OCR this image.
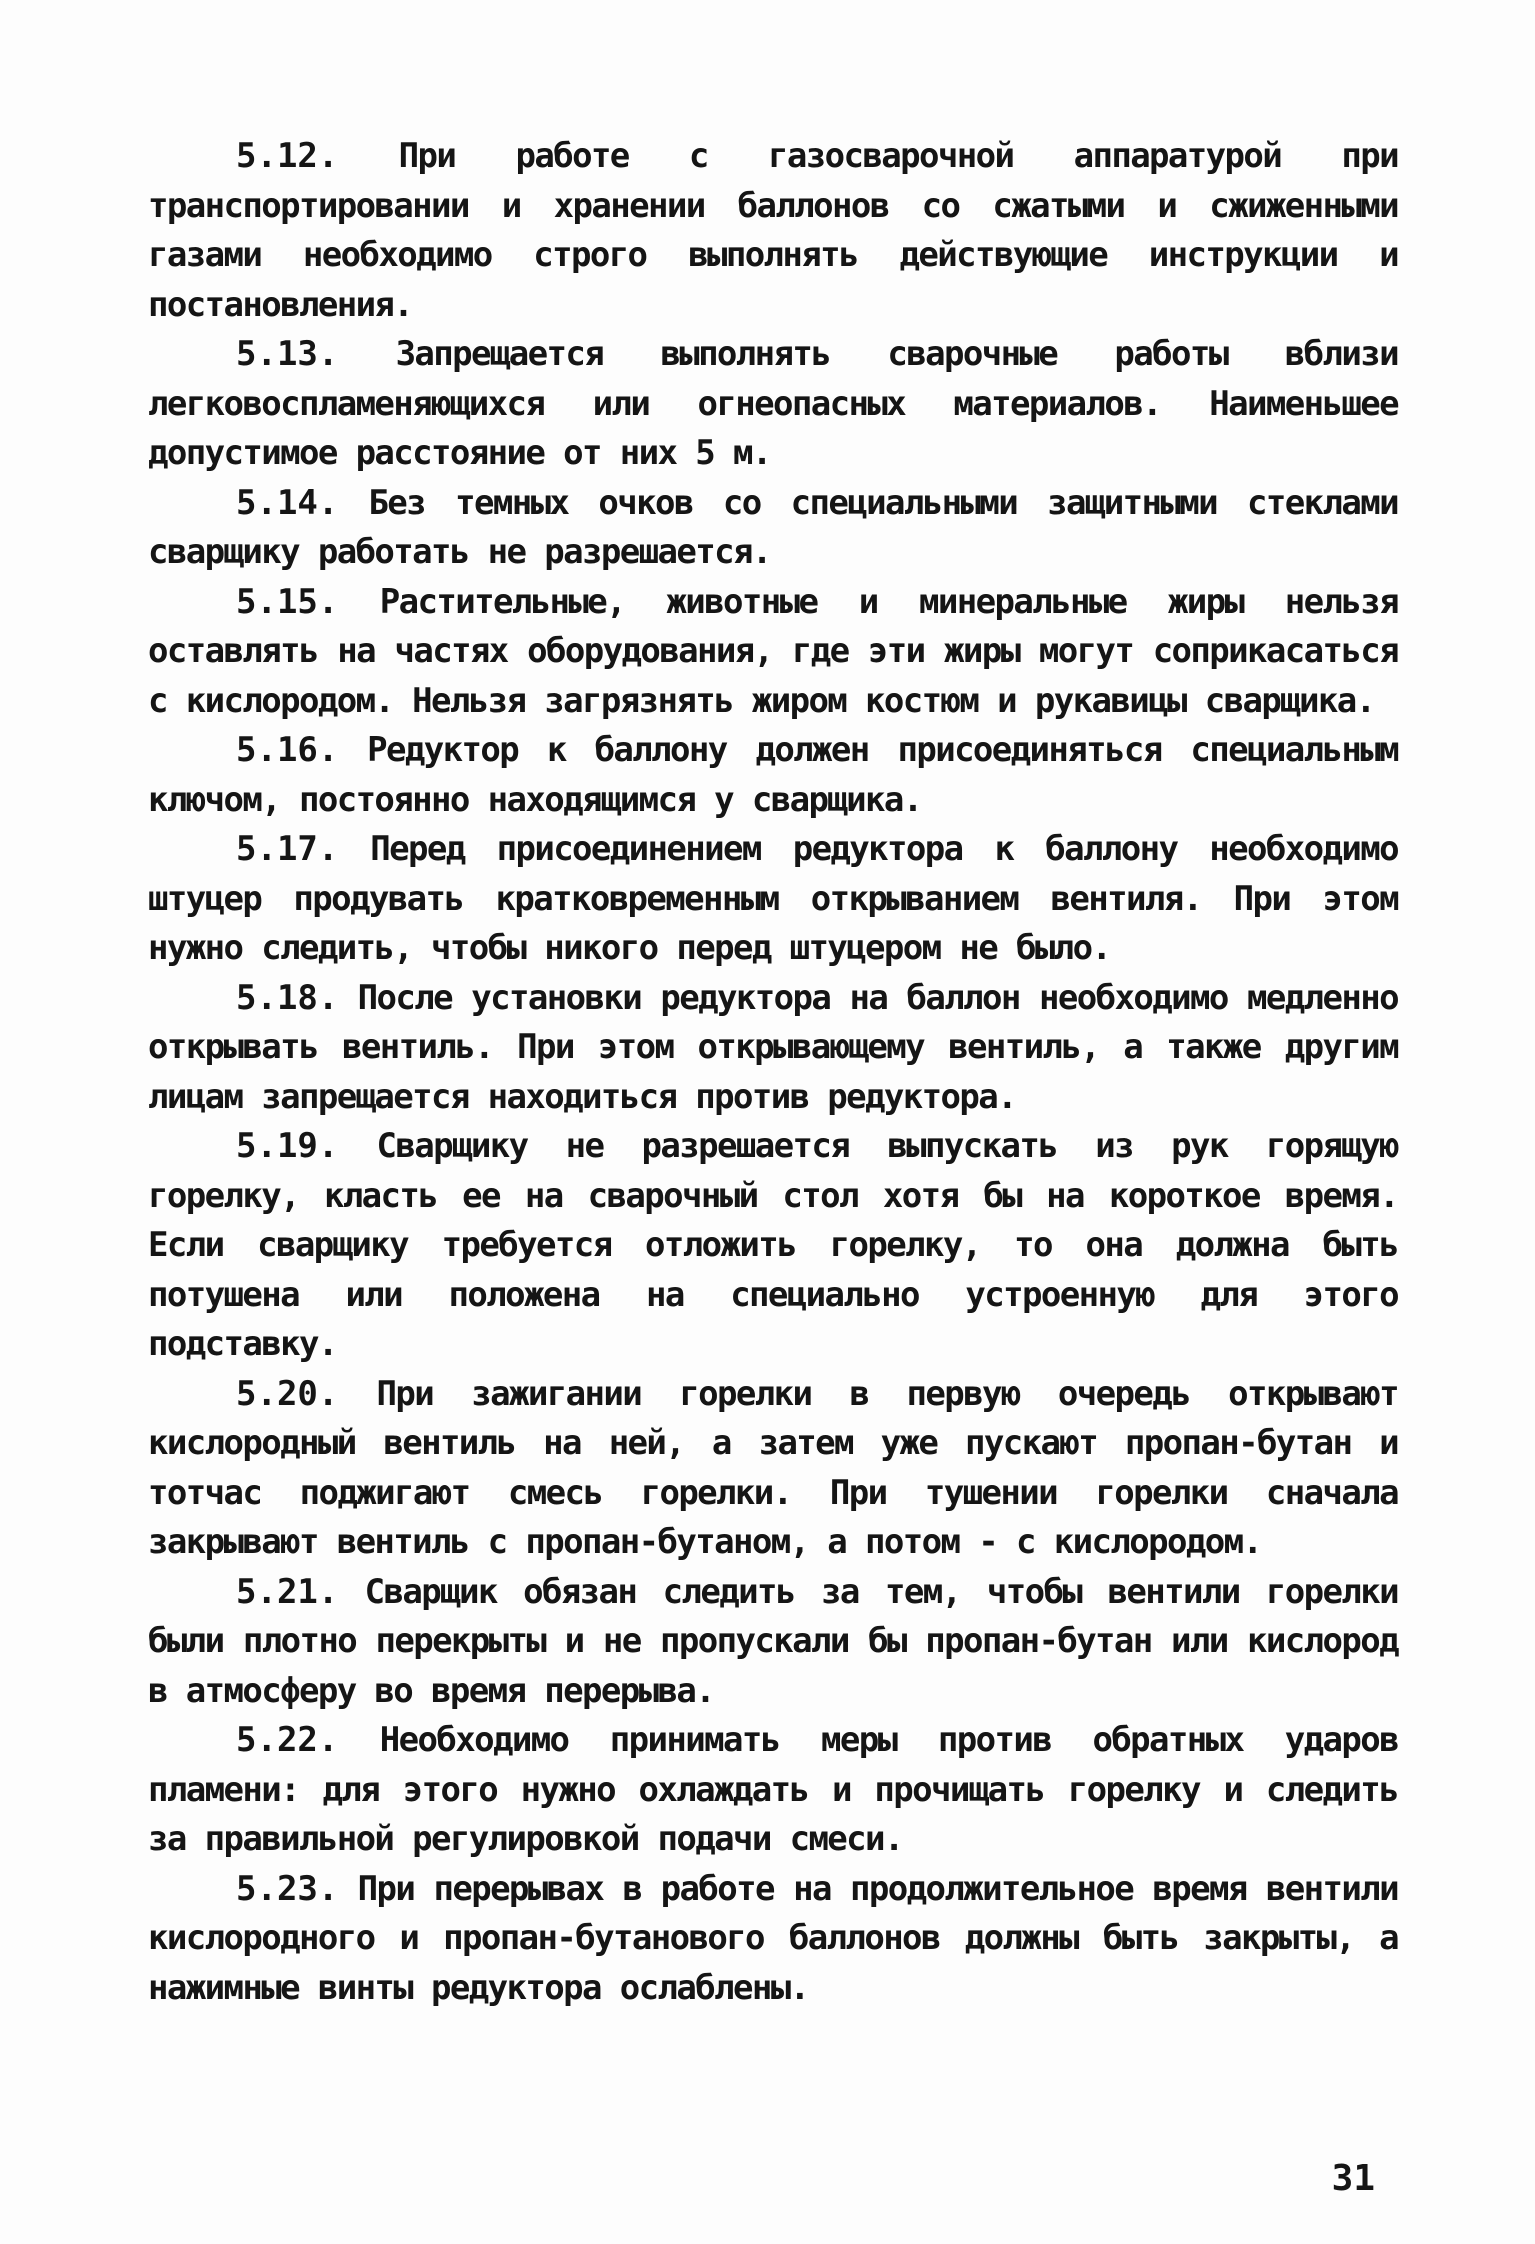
5.12. При работе с газосварочной аппаратурой при транспортировании и хранении баллонов со сжатыми и сжиженными газами необходимо строго выполнять действующие инструкции и постановления.

5.13. Запрещается выполнять сварочные работы вблизи легковоспламеняющихся или огнеопасных материалов. Наименьшее допустимое расстояние от них 5 м.

5.14. Без темных очков со специальными защитными стеклами сварщику работать не разрешается.

5.15. Растительные, животные и минеральные жиры нельзя оставлять на частях оборудования, где эти жиры могут соприкасаться с кислородом. Нельзя загрязнять жиром костюм и рукавицы сварщика.

5.16. Редуктор к баллону должен присоединяться специальным ключом, постоянно находящимся у сварщика.

5.17. Перед присоединением редуктора к баллону необходимо штуцер продувать кратковременным открыванием вентиля. При этом нужно следить, чтобы никого перед штуцером не было.

5.18. После установки редуктора на баллон необходимо медленно открывать вентиль. При этом открывающему вентиль, а также другим лицам запрещается находиться против редуктора.

5.19. Сварщику не разрешается выпускать из рук горящую горелку, класть ее на сварочный стол хотя бы на короткое время. Если сварщику требуется отложить горелку, то она должна быть потушена или положена на специально устроенную для этого подставку.

5.20. При зажигании горелки в первую очередь открывают кислородный вентиль на ней, а затем уже пускают пропан-бутан и тотчас поджигают смесь горелки. При тушении горелки сначала закрывают вентиль с пропан-бутаном, а потом - с кислородом.

5.21. Сварщик обязан следить за тем, чтобы вентили горелки были плотно перекрыты и не пропускали бы пропан-бутан или кислород в атмосферу во время перерыва.

5.22. Необходимо принимать меры против обратных ударов пламени: для этого нужно охлаждать и прочищать горелку и следить за правильной регулировкой подачи смеси.

5.23. При перерывах в работе на продолжительное время вентили кислородного и пропан-бутанового баллонов должны быть закрыты, а нажимные винты редуктора ослаблены.

31
